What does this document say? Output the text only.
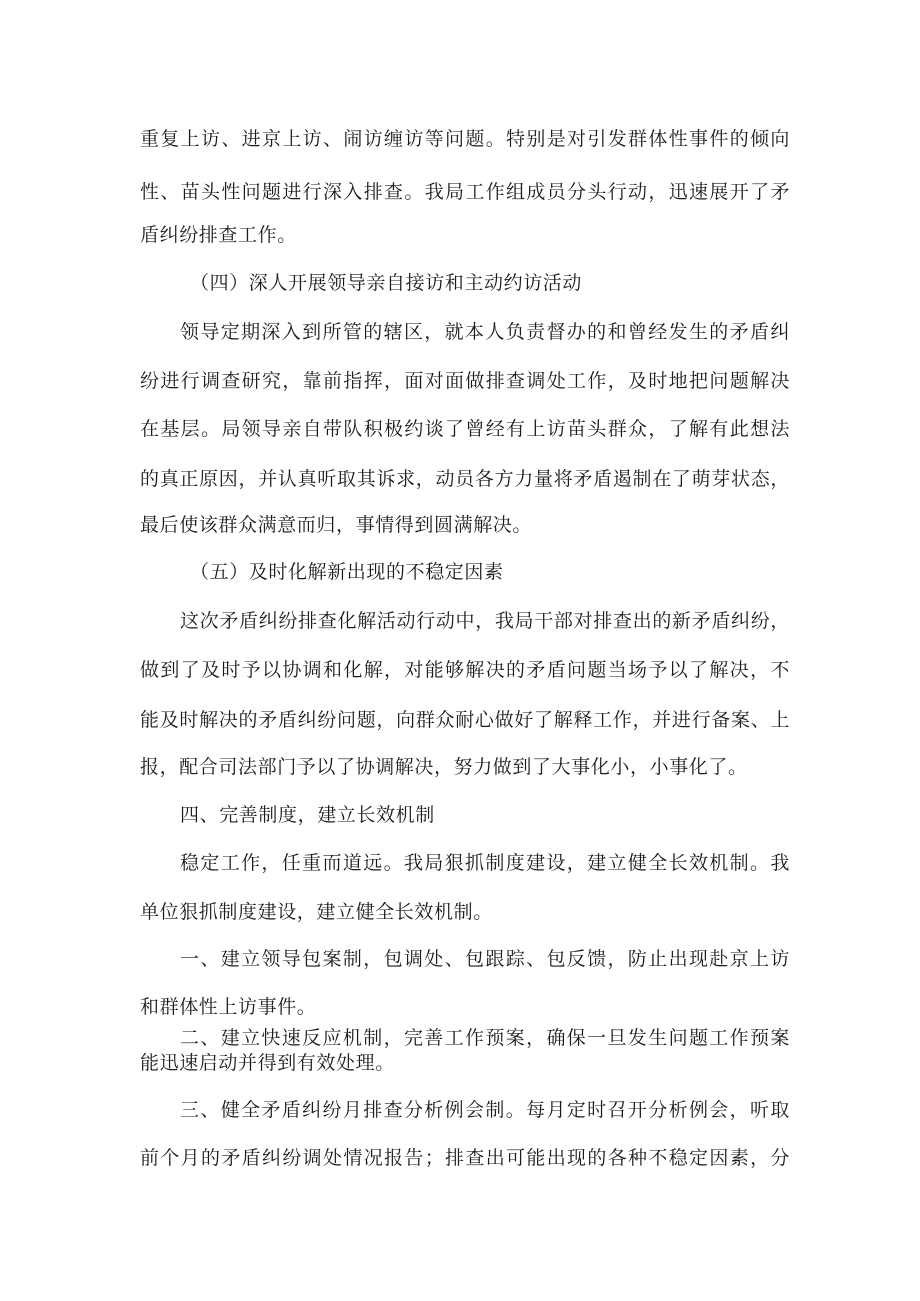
重复上访、进京上访、闹访缠访等问题。特别是对引发群体性事件的倾向
性、苗头性问题进行深入排查。我局工作组成员分头行动，迅速展开了矛
盾纠纷排查工作。
（四）深人开展领导亲自接访和主动约访活动
领导定期深入到所管的辖区，就本人负责督办的和曾经发生的矛盾纠
纷进行调查研究，靠前指挥，面对面做排查调处工作，及时地把问题解决
在基层。局领导亲自带队积极约谈了曾经有上访苗头群众，了解有此想法
的真正原因，并认真听取其诉求，动员各方力量将矛盾遏制在了萌芽状态，
最后使该群众满意而归，事情得到圆满解决。
（五）及时化解新出现的不稳定因素
这次矛盾纠纷排查化解活动行动中，我局干部对排查出的新矛盾纠纷，
做到了及时予以协调和化解，对能够解决的矛盾问题当场予以了解决，不
能及时解决的矛盾纠纷问题，向群众耐心做好了解释工作，并进行备案、上
报，配合司法部门予以了协调解决，努力做到了大事化小，小事化了。
四、完善制度，建立长效机制
稳定工作，任重而道远。我局狠抓制度建设，建立健全长效机制。我
单位狠抓制度建设，建立健全长效机制。
一、建立领导包案制，包调处、包跟踪、包反馈，防止出现赴京上访
和群体性上访事件。
二、建立快速反应机制，完善工作预案，确保一旦发生问题工作预案
能迅速启动并得到有效处理。
三、健全矛盾纠纷月排查分析例会制。每月定时召开分析例会，听取
前个月的矛盾纠纷调处情况报告；排查出可能出现的各种不稳定因素，分
